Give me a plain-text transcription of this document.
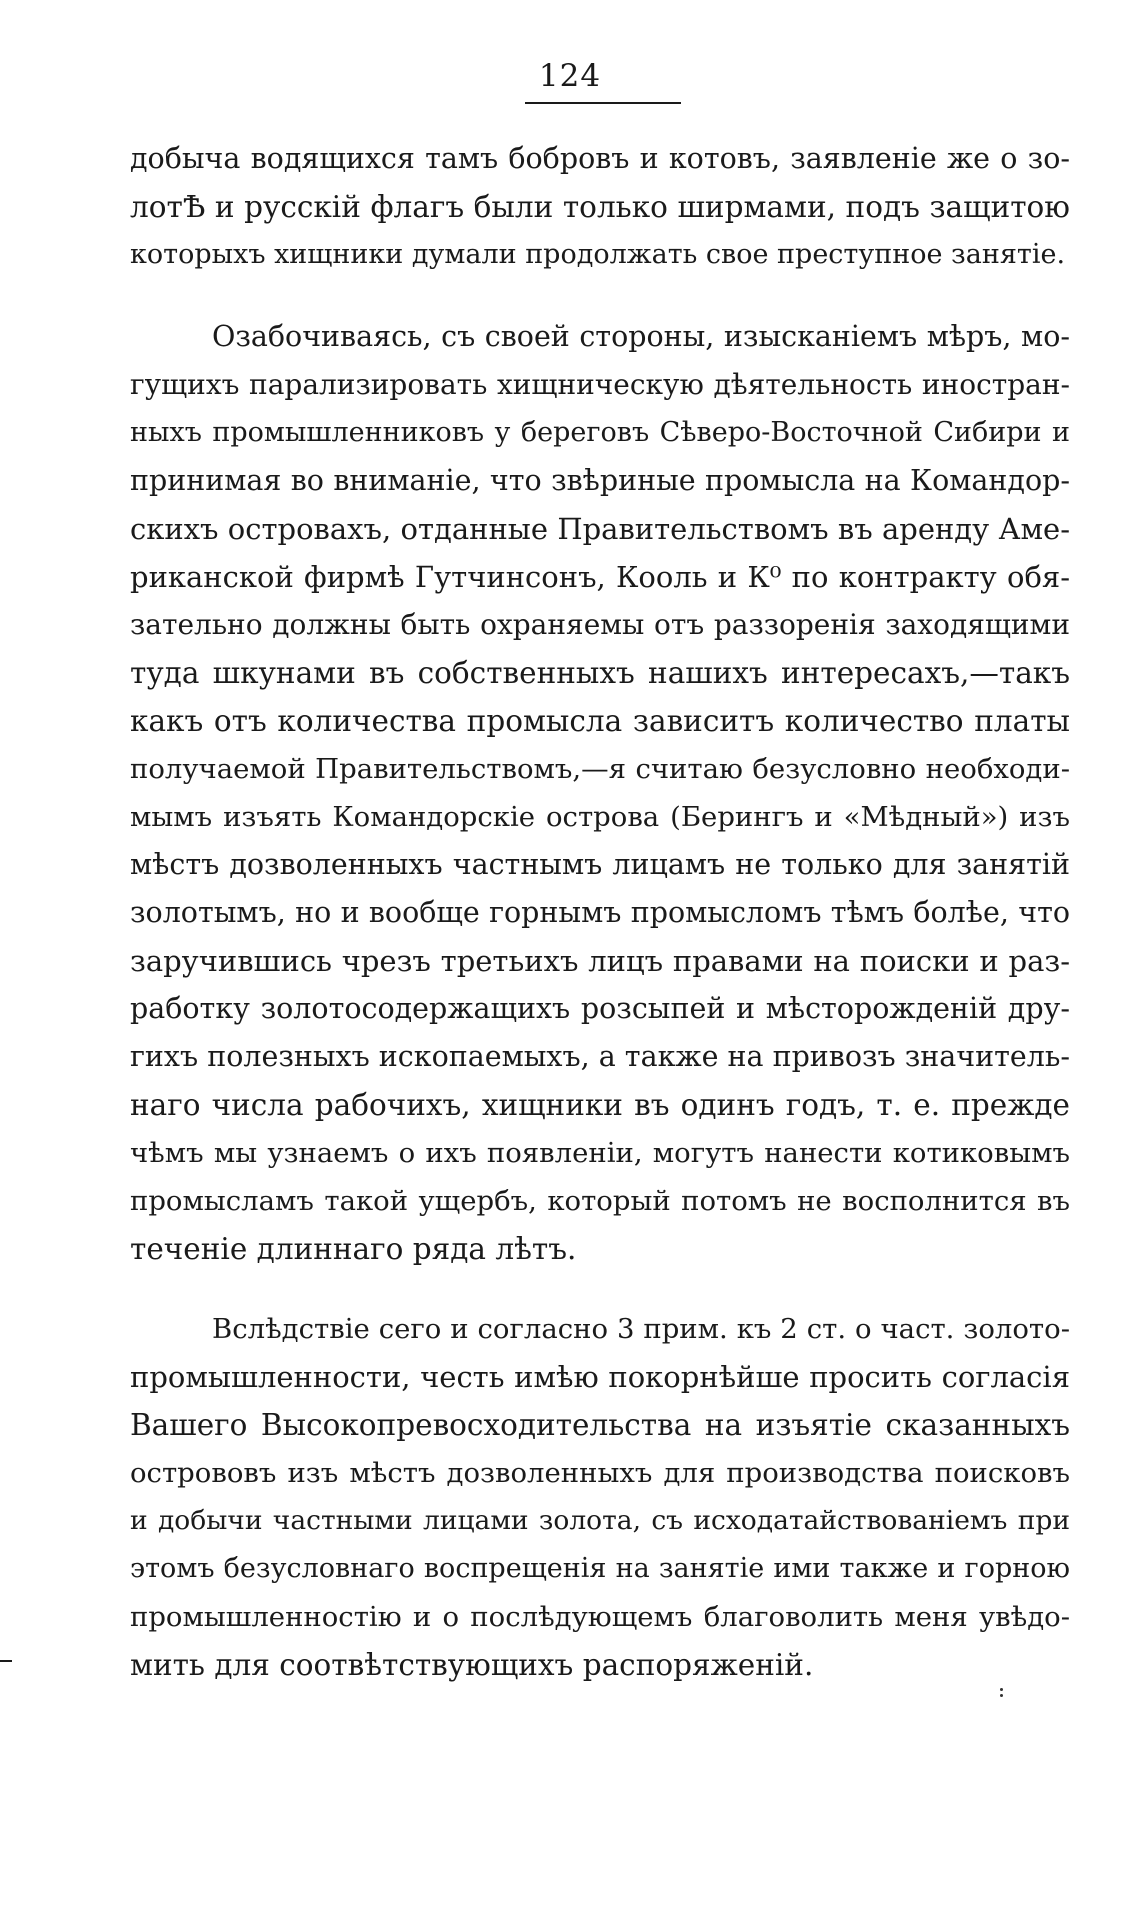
124
добыча водящихся тамъ бобровъ и котовъ, заявленіе же о зо-
лотѢ и русскій флагъ были только ширмами, подъ защитою
которыхъ хищники думали продолжать свое преступное занятіе.
Озабочиваясь, съ своей стороны, изысканіемъ мѣръ, мо-
гущихъ парализировать хищническую дѣятельность иностран-
ныхъ промышленниковъ у береговъ Сѣверо-Восточной Сибири и
принимая во вниманіе, что звѣриные промысла на Командор-
скихъ островахъ, отданные Правительствомъ въ аренду Аме-
риканской фирмѣ Гутчинсонъ, Кооль и К⁰ по контракту обя-
зательно должны быть охраняемы отъ раззоренія заходящими
туда шкунами въ собственныхъ нашихъ интересахъ,—такъ
какъ отъ количества промысла зависитъ количество платы
получаемой Правительствомъ,—я считаю безусловно необходи-
мымъ изъять Командорскіе острова (Берингъ и «Мѣдный») изъ
мѣстъ дозволенныхъ частнымъ лицамъ не только для занятій
золотымъ, но и вообще горнымъ промысломъ тѣмъ болѣе, что
заручившись чрезъ третьихъ лицъ правами на поиски и раз-
работку золотосодержащихъ розсыпей и мѣсторожденій дру-
гихъ полезныхъ ископаемыхъ, а также на привозъ значитель-
наго числа рабочихъ, хищники въ одинъ годъ, т. е. прежде
чѣмъ мы узнаемъ о ихъ появленіи, могутъ нанести котиковымъ
промысламъ такой ущербъ, который потомъ не восполнится въ
теченіе длиннаго ряда лѣтъ.
Вслѣдствіе сего и согласно 3 прим. къ 2 ст. о част. золото-
промышленности, честь имѣю покорнѣйше просить согласія
Вашего Высокопревосходительства на изъятіе сказанныхъ
острововъ изъ мѣстъ дозволенныхъ для производства поисковъ
и добычи частными лицами золота, съ исходатайствованіемъ при
этомъ безусловнаго воспрещенія на занятіе ими также и горною
промышленностію и о послѣдующемъ благоволить меня увѣдо-
мить для соотвѣтствующихъ распоряженій.
